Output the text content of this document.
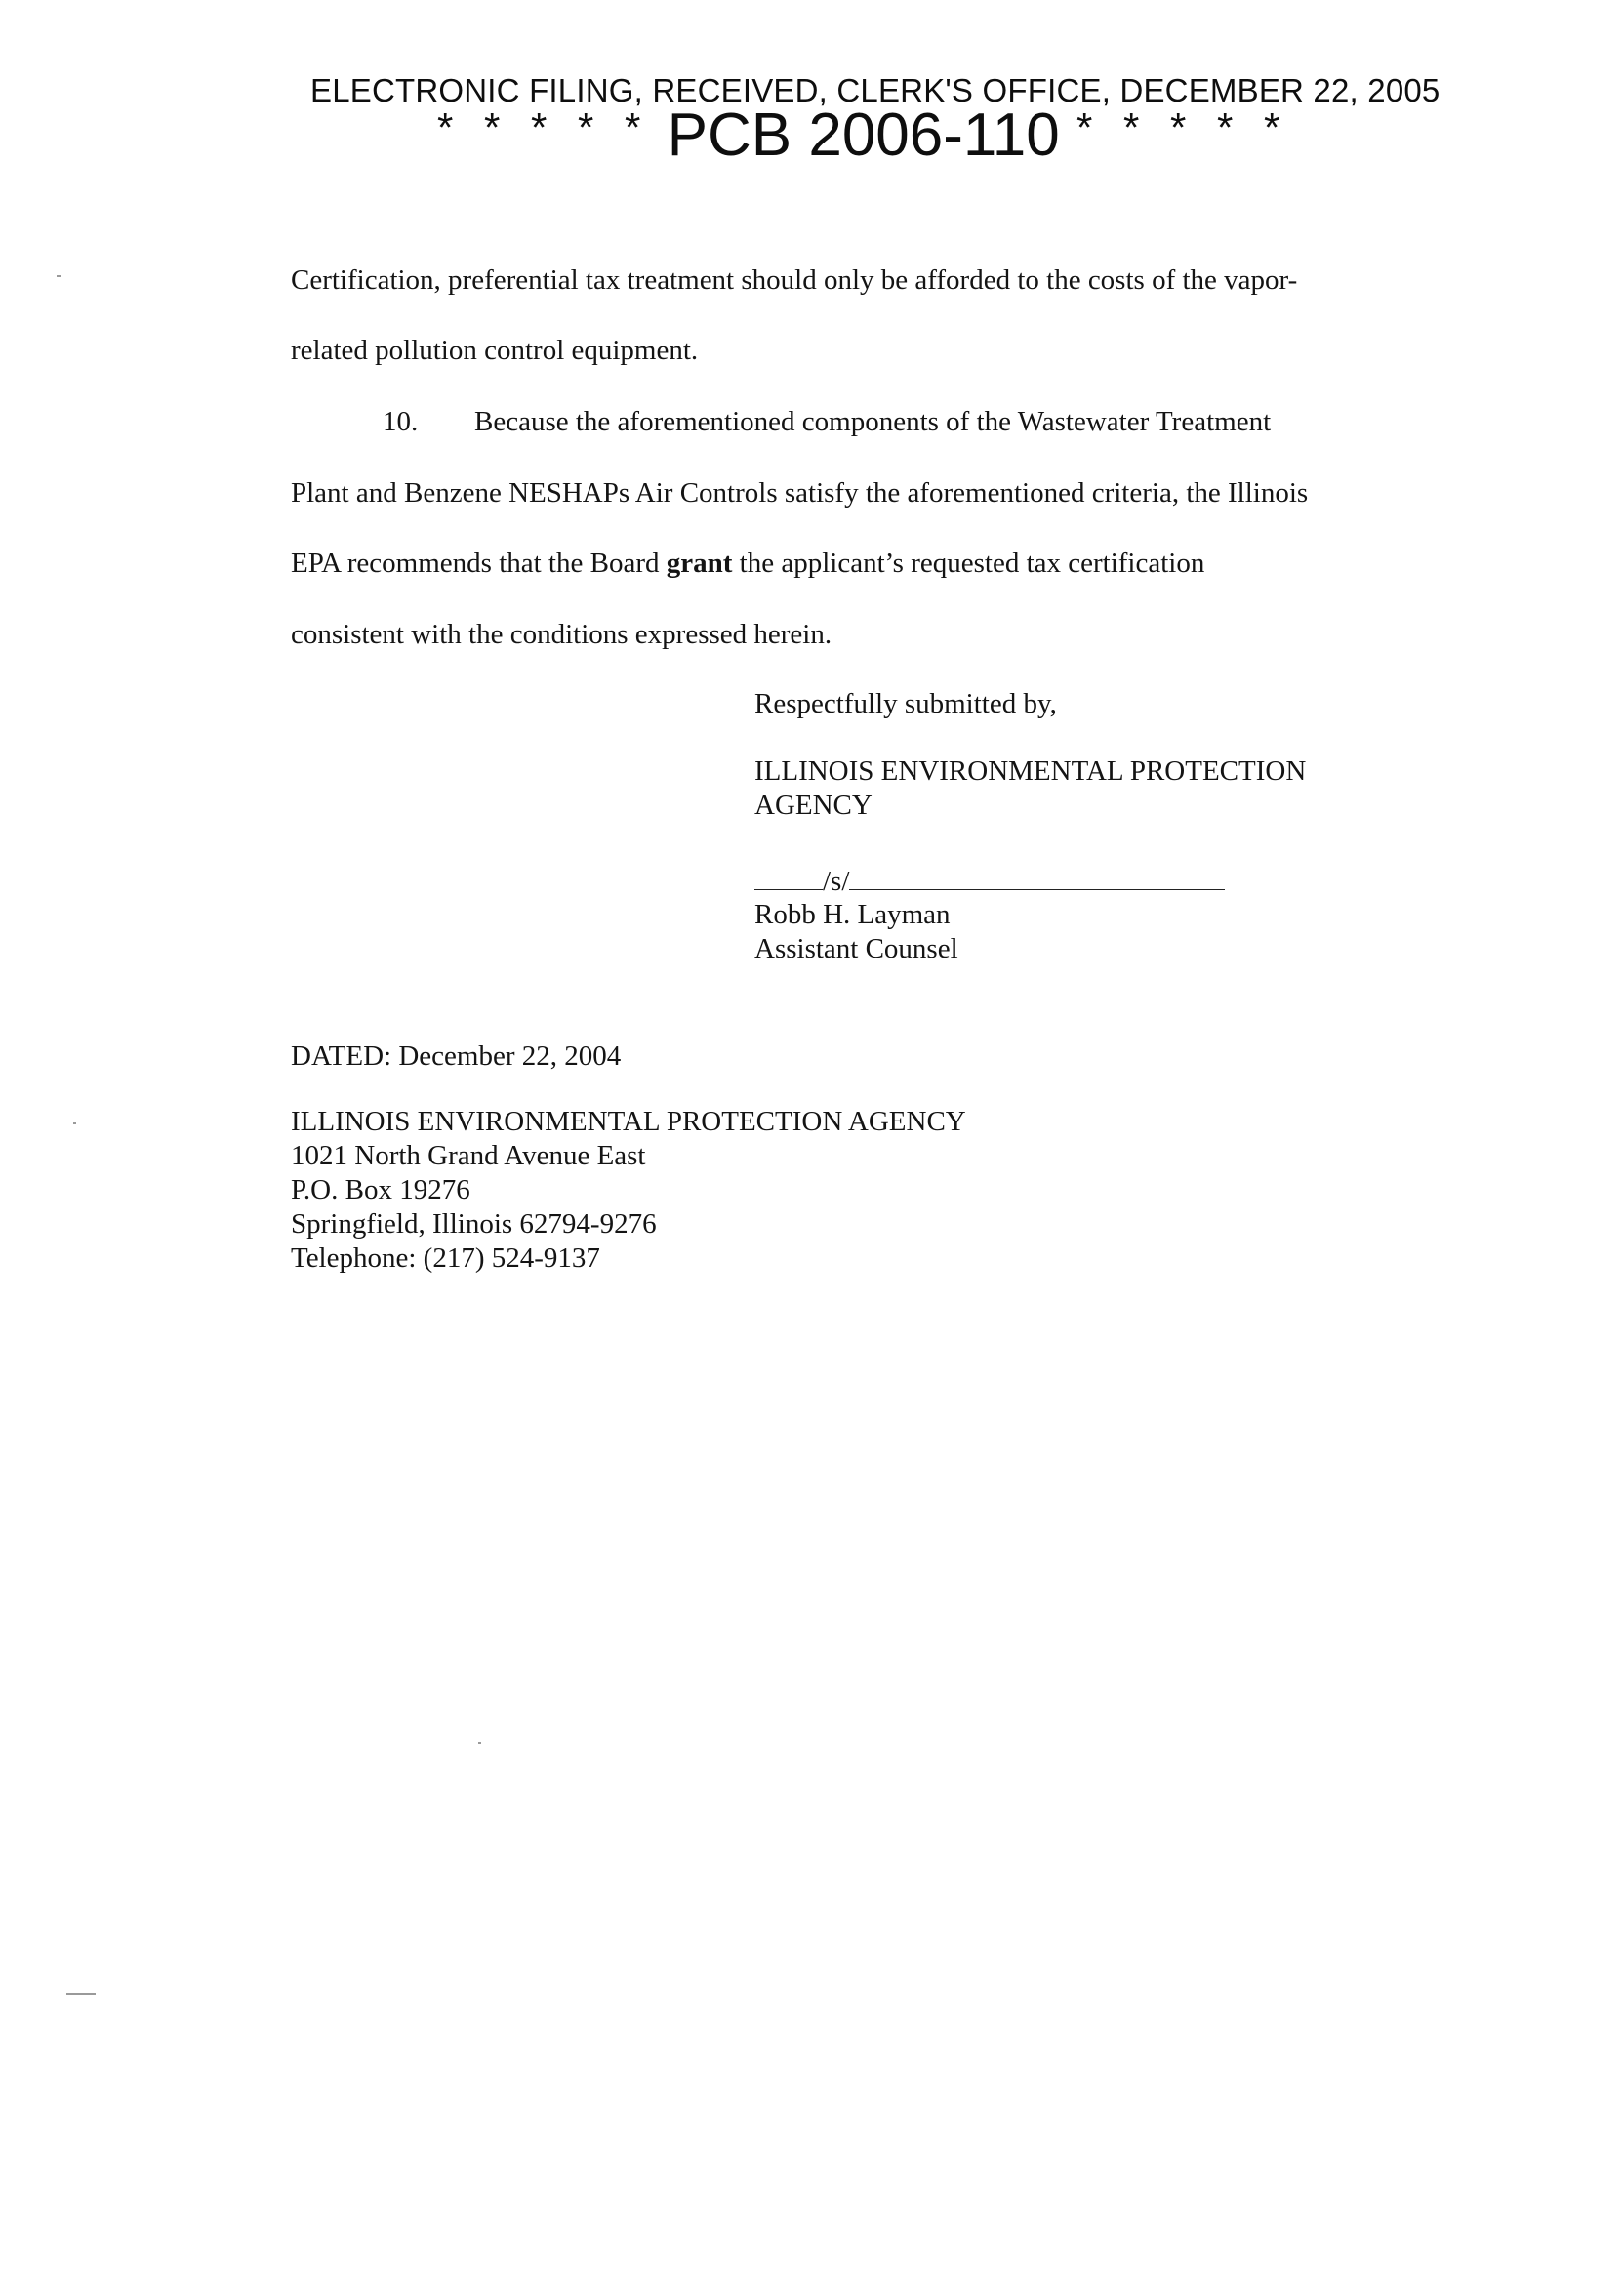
ELECTRONIC FILING, RECEIVED, CLERK'S OFFICE, DECEMBER 22, 2005
* * * * * PCB 2006-110 * * * * *
Certification, preferential tax treatment should only be afforded to the costs of the vapor-
related pollution control equipment.
10. Because the aforementioned components of the Wastewater Treatment
Plant and Benzene NESHAPs Air Controls satisfy the aforementioned criteria, the Illinois
EPA recommends that the Board grant the applicant’s requested tax certification
consistent with the conditions expressed herein.
Respectfully submitted by,
ILLINOIS ENVIRONMENTAL PROTECTION
AGENCY
/s/
Robb H. Layman
Assistant Counsel
DATED: December 22, 2004
ILLINOIS ENVIRONMENTAL PROTECTION AGENCY
1021 North Grand Avenue East
P.O. Box 19276
Springfield, Illinois 62794-9276
Telephone: (217) 524-9137
